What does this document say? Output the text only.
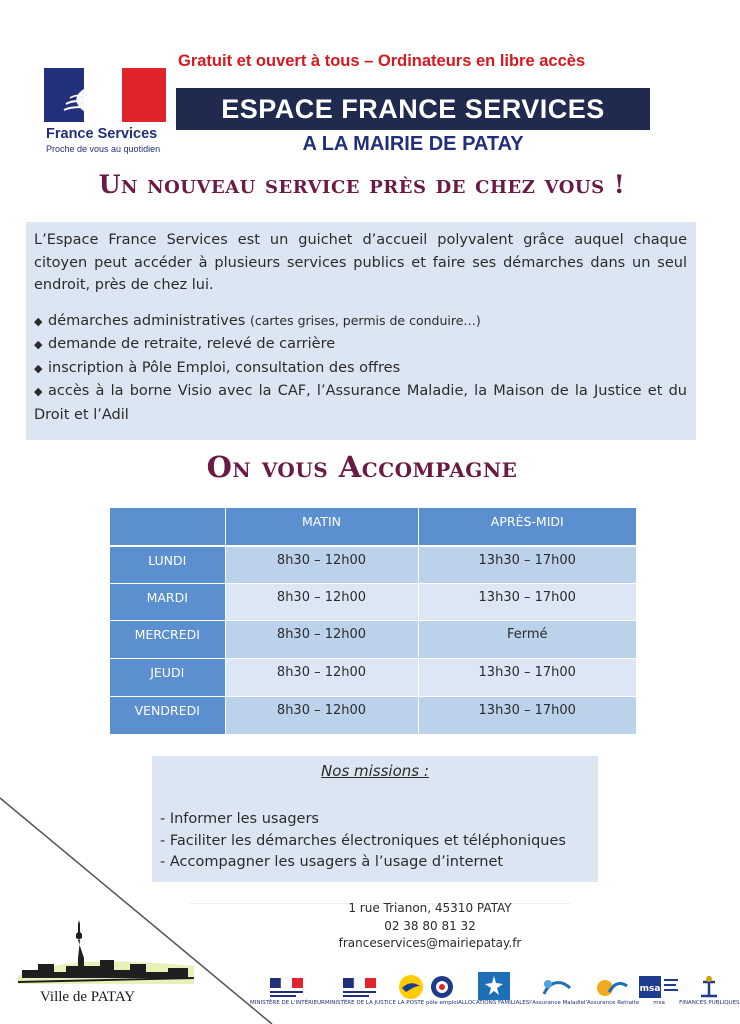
Gratuit et ouvert à tous – Ordinateurs en libre accès
France Services
Proche de vous au quotidien
ESPACE FRANCE SERVICES
A LA MAIRIE DE PATAY
Un nouveau service près de chez vous !

L’Espace France Services est un guichet d’accueil polyvalent grâce auquel chaque citoyen peut accéder à plusieurs services publics et faire ses démarches dans un seul endroit, près de chez lui.

◆ démarches administratives (cartes grises, permis de conduire…)
◆ demande de retraite, relevé de carrière
◆ inscription à Pôle Emploi, consultation des offres
◆ accès à la borne Visio avec la CAF, l’Assurance Maladie, la Maison de la Justice et du Droit et l’Adil
On vous Accompagne
	MATIN	APRÈS-MIDI
LUNDI	8h30 – 12h00	13h30 – 17h00
MARDI	8h30 – 12h00	13h30 – 17h00
MERCREDI	8h30 – 12h00	Fermé
JEUDI	8h30 – 12h00	13h30 – 17h00
VENDREDI	8h30 – 12h00	13h30 – 17h00
Nos missions :
- Informer les usagers
- Faciliter les démarches électroniques et téléphoniques
- Accompagner les usagers à l’usage d’internet
1 rue Trianon, 45310 PATAY
02 38 80 81 32
franceservices@mairiepatay.fr
Ville de PATAY	MINISTÈRE DE L'INTÉRIEUR MINISTÈRE DE LA JUSTICE LA POSTE pôle emploi ALLOCATIONS FAMILIALES l'Assurance Maladie l'Assurance Retraite
msa
msa	FINANCES PUBLIQUES
